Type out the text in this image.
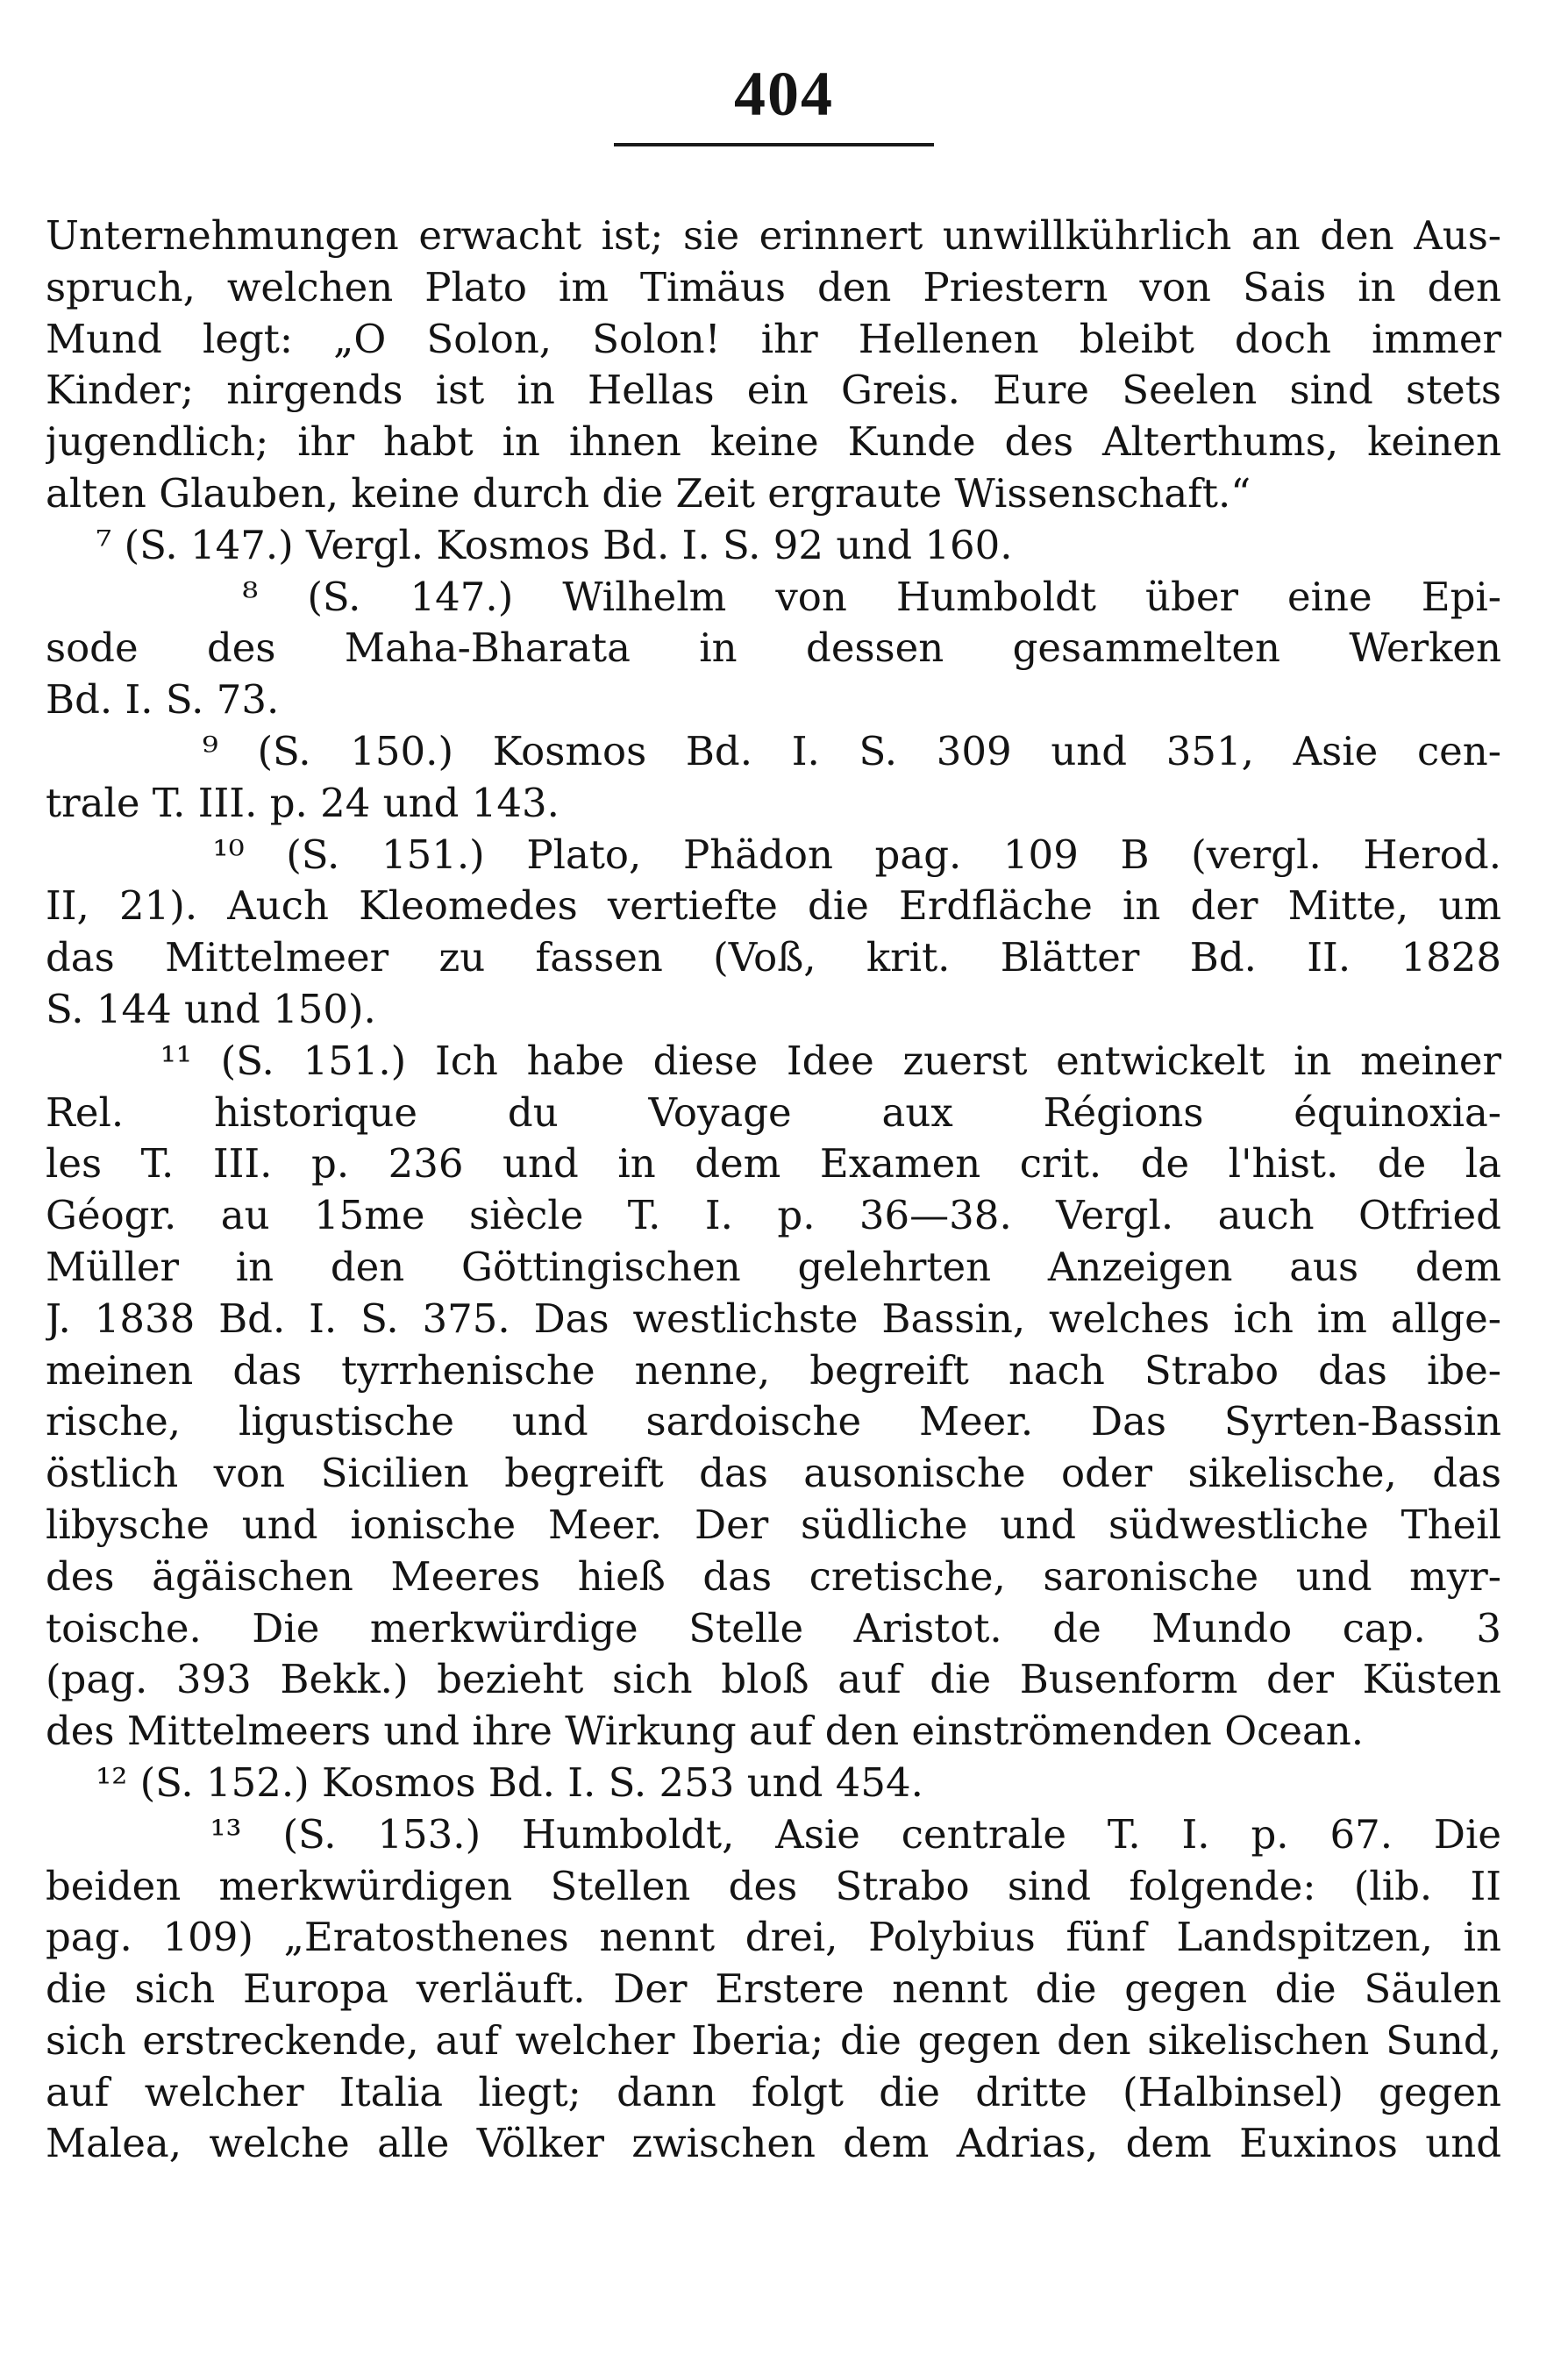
404
Unternehmungen erwacht ist; sie erinnert unwillkührlich an den Aus-
spruch, welchen Plato im Timäus den Priestern von Sais in den
Mund legt: „O Solon, Solon! ihr Hellenen bleibt doch immer
Kinder; nirgends ist in Hellas ein Greis. Eure Seelen sind stets
jugendlich; ihr habt in ihnen keine Kunde des Alterthums, keinen
alten Glauben, keine durch die Zeit ergraute Wissenschaft.“
⁷ (S. 147.) Vergl. Kosmos Bd. I. S. 92 und 160.
⁸ (S. 147.) Wilhelm von Humboldt über eine Epi-
sode des Maha-Bharata in dessen gesammelten Werken
Bd. I. S. 73.
⁹ (S. 150.) Kosmos Bd. I. S. 309 und 351, Asie cen-
trale T. III. p. 24 und 143.
¹⁰ (S. 151.) Plato, Phädon pag. 109 B (vergl. Herod.
II, 21). Auch Kleomedes vertiefte die Erdfläche in der Mitte, um
das Mittelmeer zu fassen (Voß, krit. Blätter Bd. II. 1828
S. 144 und 150).
¹¹ (S. 151.) Ich habe diese Idee zuerst entwickelt in meiner
Rel. historique du Voyage aux Régions équinoxia-
les T. III. p. 236 und in dem Examen crit. de l'hist. de la
Géogr. au 15me siècle T. I. p. 36—38. Vergl. auch Otfried
Müller in den Göttingischen gelehrten Anzeigen aus dem
J. 1838 Bd. I. S. 375. Das westlichste Bassin, welches ich im allge-
meinen das tyrrhenische nenne, begreift nach Strabo das ibe-
rische, ligustische und sardoische Meer. Das Syrten-Bassin
östlich von Sicilien begreift das ausonische oder sikelische, das
libysche und ionische Meer. Der südliche und südwestliche Theil
des ägäischen Meeres hieß das cretische, saronische und myr-
toische. Die merkwürdige Stelle Aristot. de Mundo cap. 3
(pag. 393 Bekk.) bezieht sich bloß auf die Busenform der Küsten
des Mittelmeers und ihre Wirkung auf den einströmenden Ocean.
¹² (S. 152.) Kosmos Bd. I. S. 253 und 454.
¹³ (S. 153.) Humboldt, Asie centrale T. I. p. 67. Die
beiden merkwürdigen Stellen des Strabo sind folgende: (lib. II
pag. 109) „Eratosthenes nennt drei, Polybius fünf Landspitzen, in
die sich Europa verläuft. Der Erstere nennt die gegen die Säulen
sich erstreckende, auf welcher Iberia; die gegen den sikelischen Sund,
auf welcher Italia liegt; dann folgt die dritte (Halbinsel) gegen
Malea, welche alle Völker zwischen dem Adrias, dem Euxinos und
